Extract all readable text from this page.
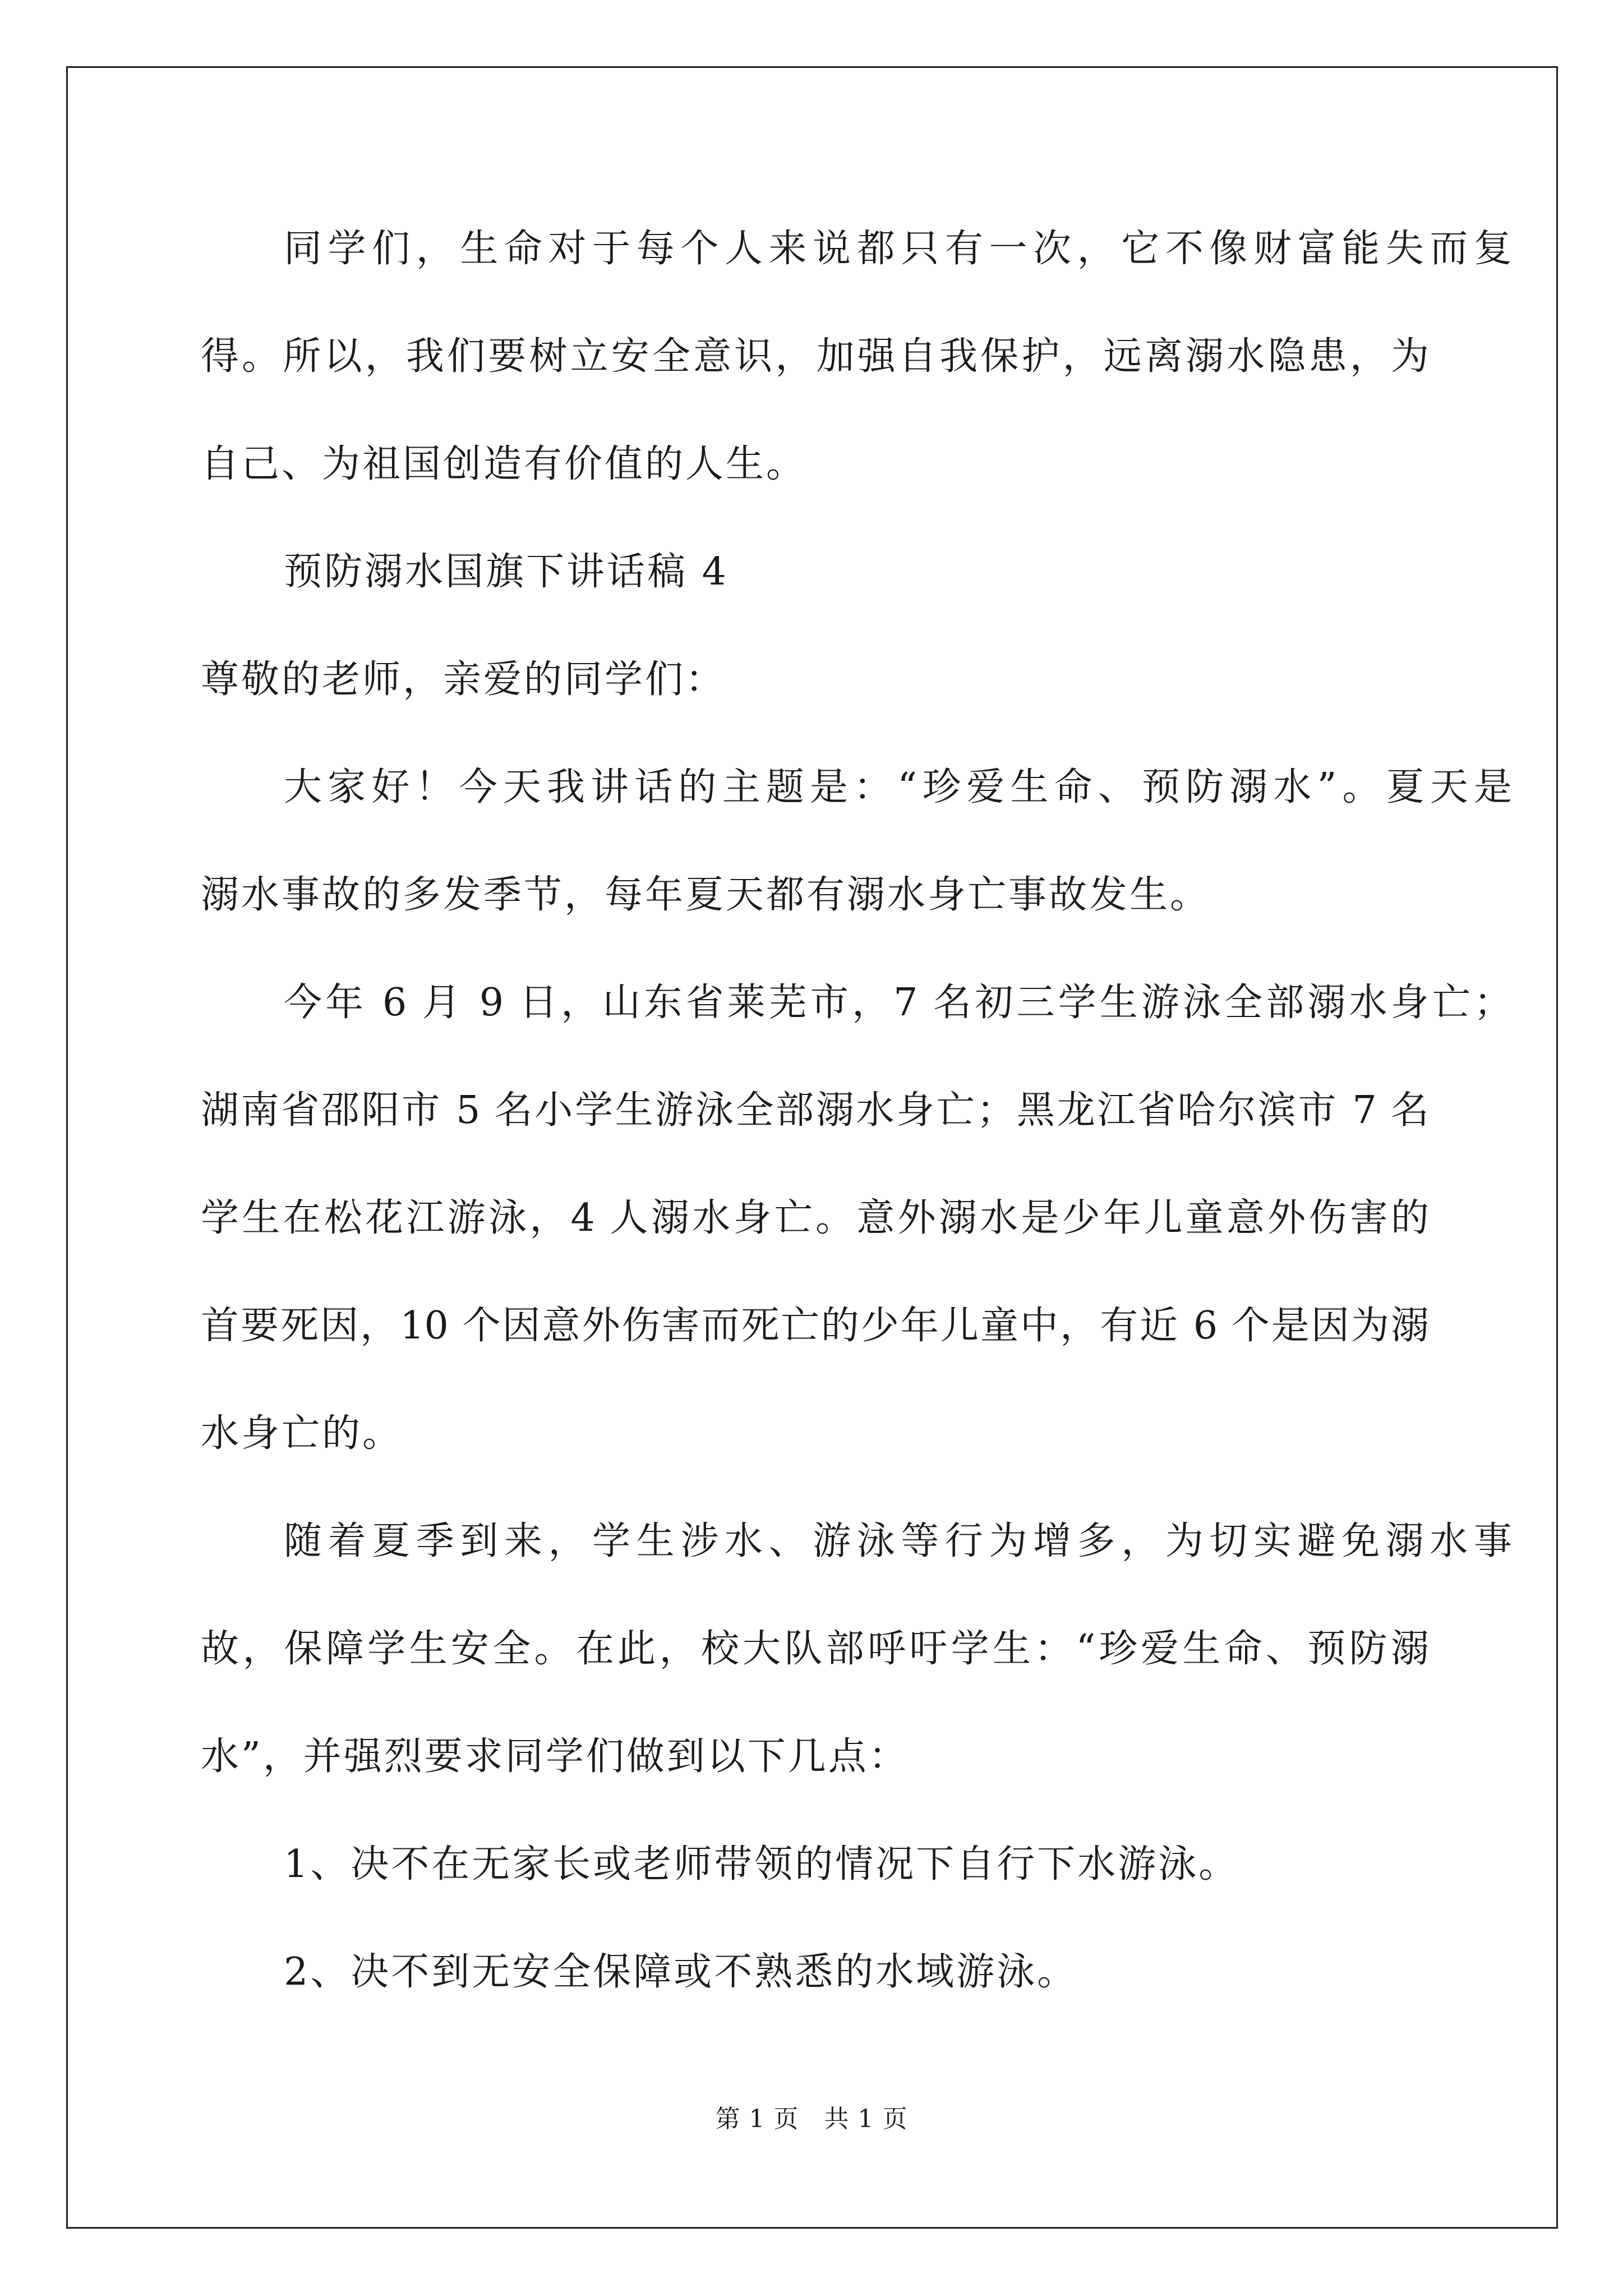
同学们，生命对于每个人来说都只有一次，它不像财富能失而复
得。所以，我们要树立安全意识，加强自我保护，远离溺水隐患，为
自己、为祖国创造有价值的人生。
预防溺水国旗下讲话稿 4
尊敬的老师，亲爱的同学们：
大家好！今天我讲话的主题是：“珍爱生命、预防溺水”。夏天是
溺水事故的多发季节，每年夏天都有溺水身亡事故发生。
今年 6 月 9 日，山东省莱芜市，7 名初三学生游泳全部溺水身亡；
湖南省邵阳市 5 名小学生游泳全部溺水身亡；黑龙江省哈尔滨市 7 名
学生在松花江游泳，4 人溺水身亡。意外溺水是少年儿童意外伤害的
首要死因，10 个因意外伤害而死亡的少年儿童中，有近 6 个是因为溺
水身亡的。
随着夏季到来，学生涉水、游泳等行为增多，为切实避免溺水事
故，保障学生安全。在此，校大队部呼吁学生：“珍爱生命、预防溺
水”，并强烈要求同学们做到以下几点：
1、决不在无家长或老师带领的情况下自行下水游泳。
2、决不到无安全保障或不熟悉的水域游泳。
第 1 页　共 1 页
